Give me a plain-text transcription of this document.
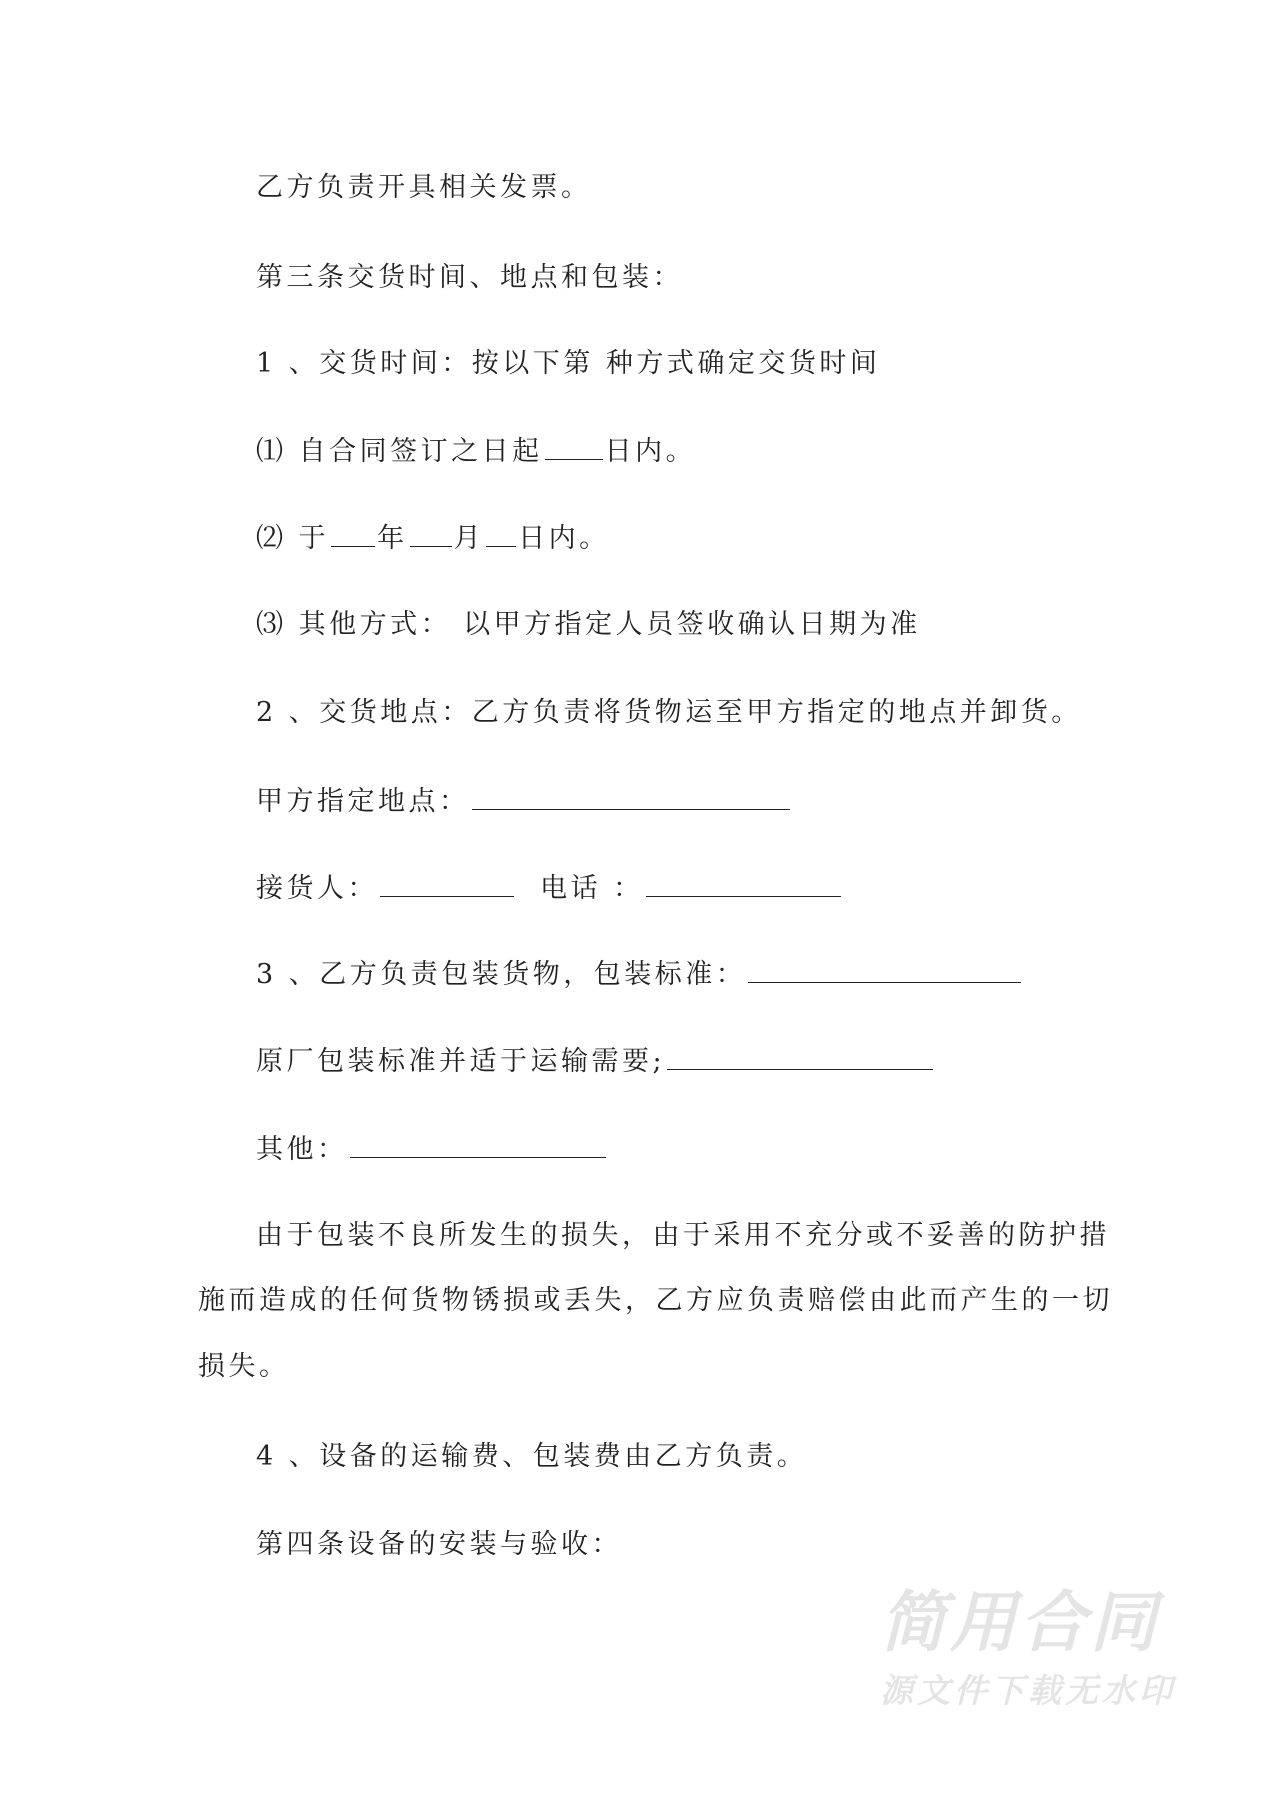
乙方负责开具相关发票。
第三条交货时间、地点和包装：
1 、交货时间：按以下第 种方式确定交货时间
⑴ 自合同签订之日起 日内。
⑵ 于 年 月 日内。
⑶ 其他方式： 以甲方指定人员签收确认日期为准
2 、交货地点：乙方负责将货物运至甲方指定的地点并卸货。
甲方指定地点：
接货人：	电话 ：
3 、乙方负责包装货物，包装标准：
原厂包装标准并适于运输需要;
其他：
由于包装不良所发生的损失，由于采用不充分或不妥善的防护措
施而造成的任何货物锈损或丢失，乙方应负责赔偿由此而产生的一切
损失。
4 、设备的运输费、包装费由乙方负责。
第四条设备的安装与验收：
简用合同
源文件下载无水印
